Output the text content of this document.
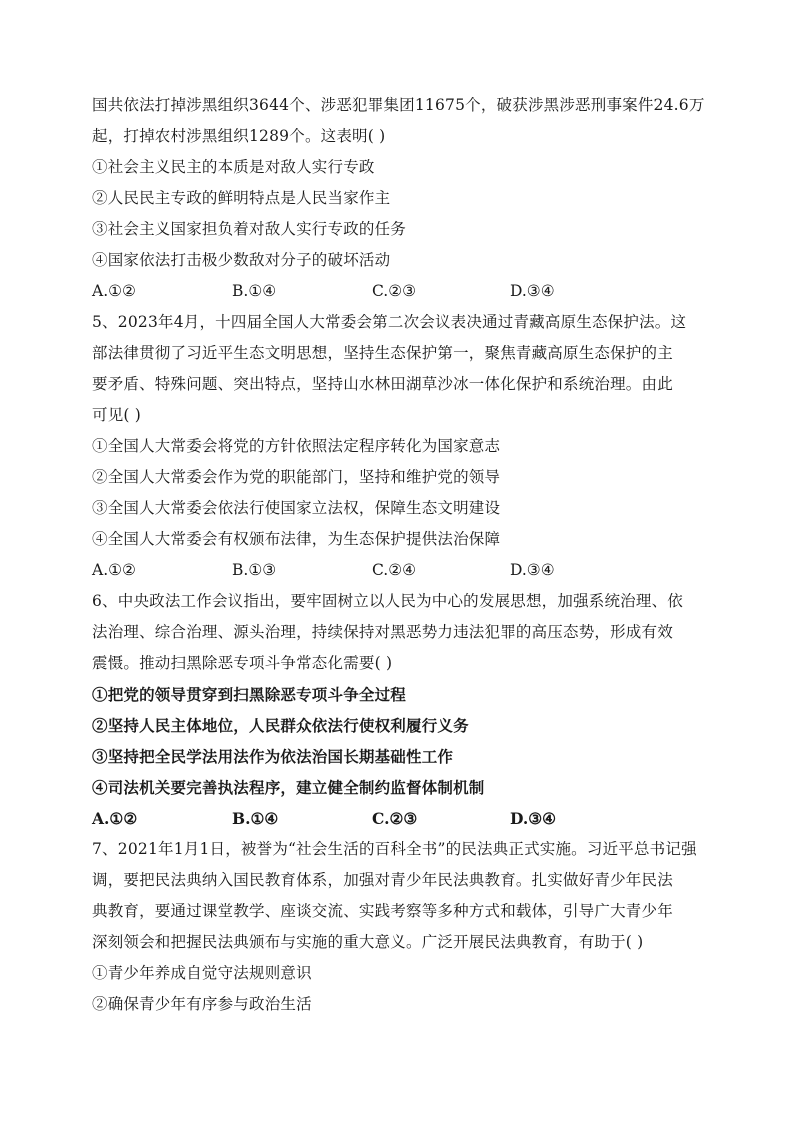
国共依法打掉涉黑组织3644个、涉恶犯罪集团11675个，破获涉黑涉恶刑事案件24.6万
起，打掉农村涉黑组织1289个。这表明( )
①社会主义民主的本质是对敌人实行专政
②人民民主专政的鲜明特点是人民当家作主
③社会主义国家担负着对敌人实行专政的任务
④国家依法打击极少数敌对分子的破坏活动
A.①②	B.①④	C.②③	D.③④
5、2023年4月，十四届全国人大常委会第二次会议表决通过青藏高原生态保护法。这
部法律贯彻了习近平生态文明思想，坚持生态保护第一，聚焦青藏高原生态保护的主
要矛盾、特殊问题、突出特点，坚持山水林田湖草沙冰一体化保护和系统治理。由此
可见( )
①全国人大常委会将党的方针依照法定程序转化为国家意志
②全国人大常委会作为党的职能部门，坚持和维护党的领导
③全国人大常委会依法行使国家立法权，保障生态文明建设
④全国人大常委会有权颁布法律，为生态保护提供法治保障
A.①②	B.①③	C.②④	D.③④
6、中央政法工作会议指出，要牢固树立以人民为中心的发展思想，加强系统治理、依
法治理、综合治理、源头治理，持续保持对黑恶势力违法犯罪的高压态势，形成有效
震慑。推动扫黑除恶专项斗争常态化需要( )
①把党的领导贯穿到扫黑除恶专项斗争全过程
②坚持人民主体地位，人民群众依法行使权利履行义务
③坚持把全民学法用法作为依法治国长期基础性工作
④司法机关要完善执法程序，建立健全制约监督体制机制
A.①②	B.①④	C.②③	D.③④
7、2021年1月1日，被誉为“社会生活的百科全书”的民法典正式实施。习近平总书记强
调，要把民法典纳入国民教育体系，加强对青少年民法典教育。扎实做好青少年民法
典教育，要通过课堂教学、座谈交流、实践考察等多种方式和载体，引导广大青少年
深刻领会和把握民法典颁布与实施的重大意义。广泛开展民法典教育，有助于( )
①青少年养成自觉守法规则意识
②确保青少年有序参与政治生活
